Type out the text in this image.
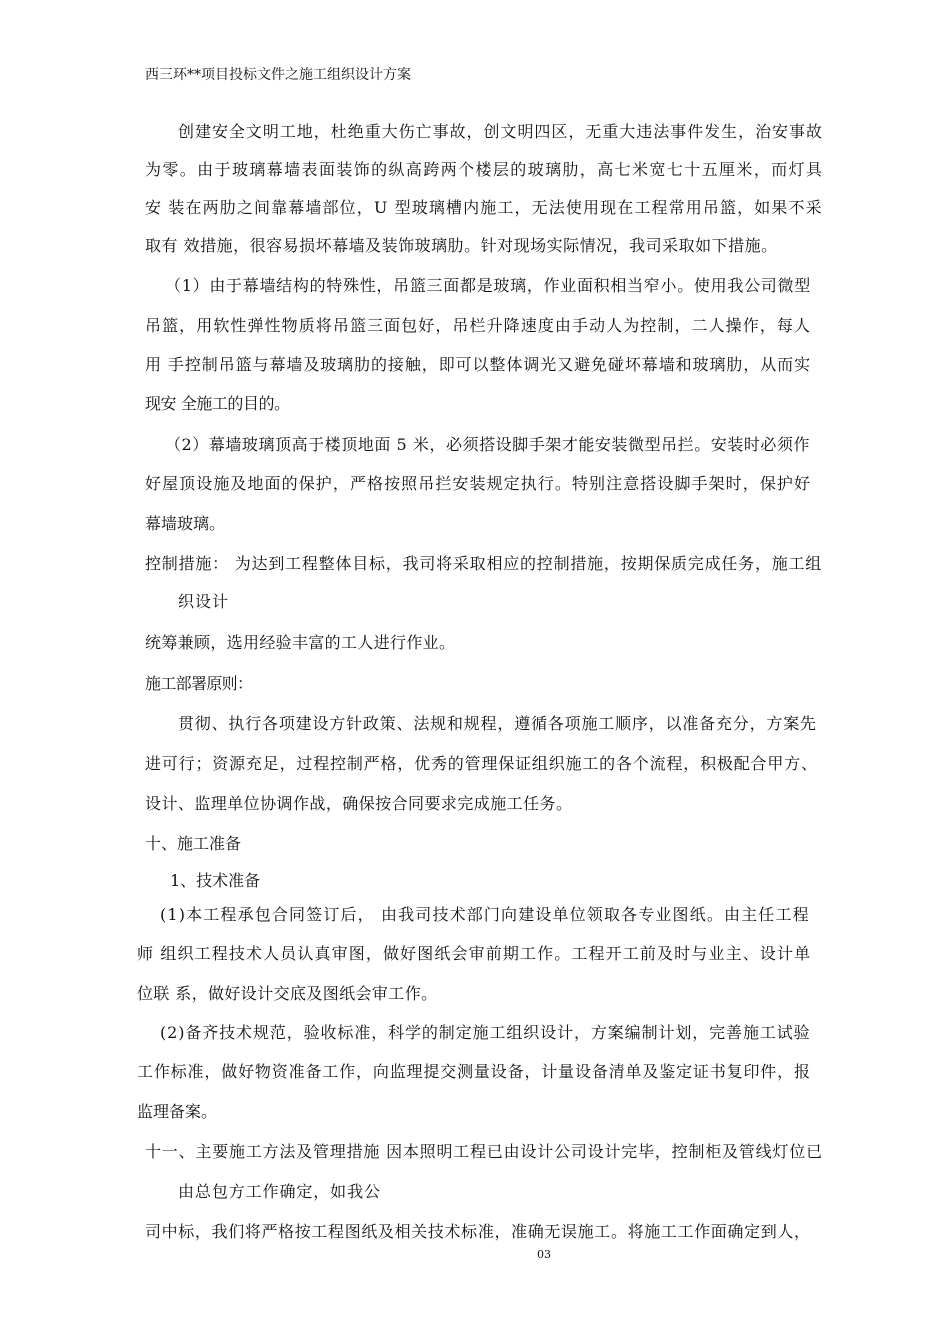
西三环**项目投标文件之施工组织设计方案
创建安全文明工地，杜绝重大伤亡事故，创文明四区，无重大违法事件发生，治安事故
为零。由于玻璃幕墙表面装饰的纵高跨两个楼层的玻璃肋，高七米宽七十五厘米，而灯具
安 装在两肋之间靠幕墙部位，U 型玻璃槽内施工，无法使用现在工程常用吊篮，如果不采
取有 效措施，很容易损坏幕墙及装饰玻璃肋。针对现场实际情况，我司采取如下措施。
（1）由于幕墙结构的特殊性，吊篮三面都是玻璃，作业面积相当窄小。使用我公司微型
吊篮，用软性弹性物质将吊篮三面包好，吊栏升降速度由手动人为控制，二人操作，每人
用 手控制吊篮与幕墙及玻璃肋的接触，即可以整体调光又避免碰坏幕墙和玻璃肋，从而实
现安 全施工的目的。
（2）幕墙玻璃顶高于楼顶地面 5 米，必须搭设脚手架才能安装微型吊拦。安装时必须作
好屋顶设施及地面的保护，严格按照吊拦安装规定执行。特别注意搭设脚手架时，保护好
幕墙玻璃。
控制措施： 为达到工程整体目标，我司将采取相应的控制措施，按期保质完成任务，施工组
织设计
统筹兼顾，选用经验丰富的工人进行作业。
施工部署原则：
贯彻、执行各项建设方针政策、法规和规程，遵循各项施工顺序，以准备充分，方案先
进可行；资源充足，过程控制严格，优秀的管理保证组织施工的各个流程，积极配合甲方、
设计、监理单位协调作战，确保按合同要求完成施工任务。
十、施工准备
1、技术准备
(1)本工程承包合同签订后， 由我司技术部门向建设单位领取各专业图纸。由主任工程
师 组织工程技术人员认真审图，做好图纸会审前期工作。工程开工前及时与业主、设计单
位联 系，做好设计交底及图纸会审工作。
(2)备齐技术规范，验收标准，科学的制定施工组织设计，方案编制计划，完善施工试验
工作标准，做好物资准备工作，向监理提交测量设备，计量设备清单及鉴定证书复印件，报
监理备案。
十一、主要施工方法及管理措施 因本照明工程已由设计公司设计完毕，控制柜及管线灯位已
由总包方工作确定，如我公
司中标，我们将严格按工程图纸及相关技术标准，准确无误施工。将施工工作面确定到人，
03
